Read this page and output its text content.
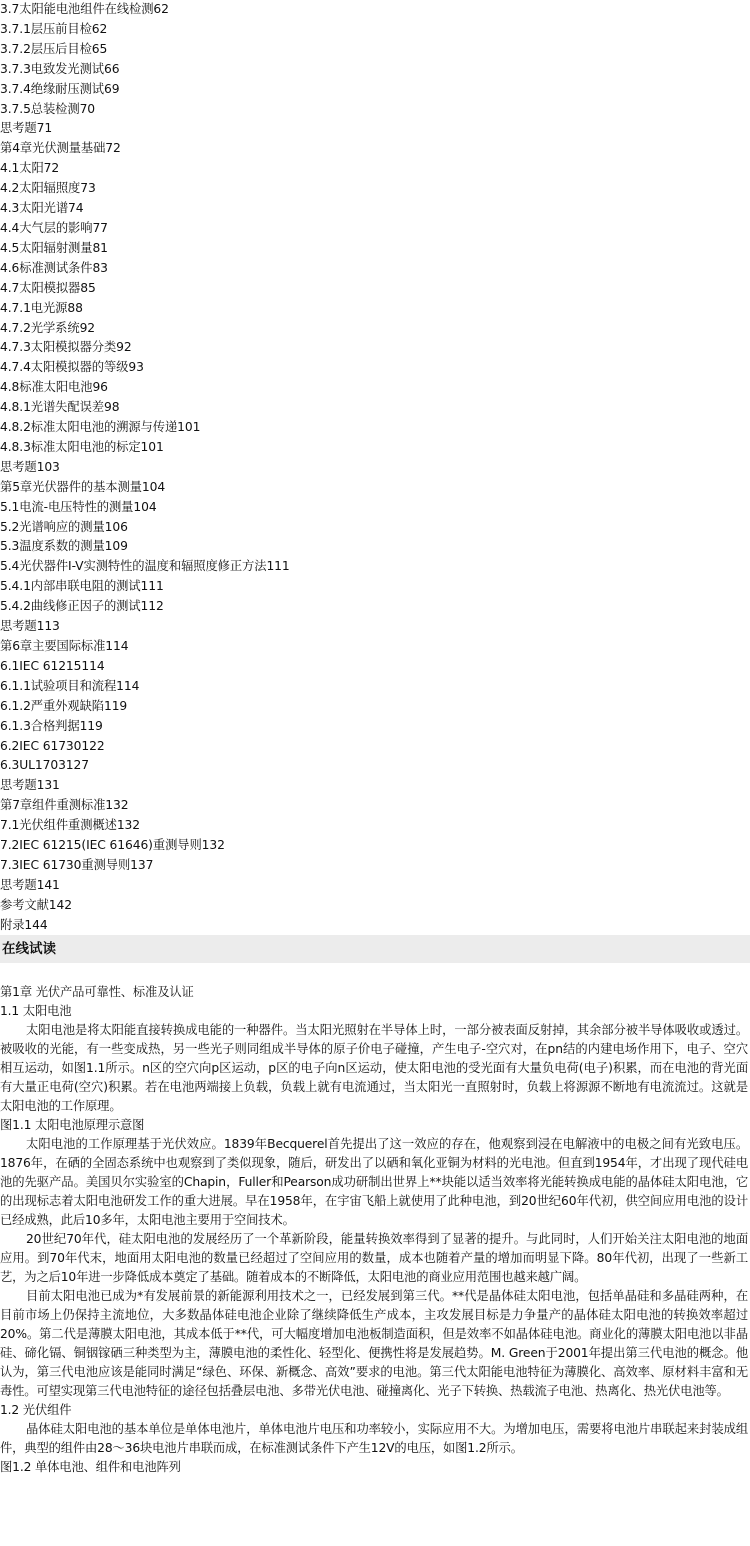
3.7太阳能电池组件在线检测62
3.7.1层压前目检62
3.7.2层压后目检65
3.7.3电致发光测试66
3.7.4绝缘耐压测试69
3.7.5总装检测70
思考题71
第4章光伏测量基础72
4.1太阳72
4.2太阳辐照度73
4.3太阳光谱74
4.4大气层的影响77
4.5太阳辐射测量81
4.6标准测试条件83
4.7太阳模拟器85
4.7.1电光源88
4.7.2光学系统92
4.7.3太阳模拟器分类92
4.7.4太阳模拟器的等级93
4.8标准太阳电池96
4.8.1光谱失配误差98
4.8.2标准太阳电池的溯源与传递101
4.8.3标准太阳电池的标定101
思考题103
第5章光伏器件的基本测量104
5.1电流-电压特性的测量104
5.2光谱响应的测量106
5.3温度系数的测量109
5.4光伏器件I-V实测特性的温度和辐照度修正方法111
5.4.1内部串联电阻的测试111
5.4.2曲线修正因子的测试112
思考题113
第6章主要国际标准114
6.1IEC 61215114
6.1.1试验项目和流程114
6.1.2严重外观缺陷119
6.1.3合格判据119
6.2IEC 61730122
6.3UL1703127
思考题131
第7章组件重测标准132
7.1光伏组件重测概述132
7.2IEC 61215(IEC 61646)重测导则132
7.3IEC 61730重测导则137
思考题141
参考文献142
附录144
在线试读
第1章 光伏产品可靠性、标准及认证
1.1 太阳电池
太阳电池是将太阳能直接转换成电能的一种器件。当太阳光照射在半导体上时，一部分被表面反射掉，其余部分被半导体吸收或透过。被吸收的光能，有一些变成热，另一些光子则同组成半导体的原子价电子碰撞，产生电子-空穴对，在pn结的内建电场作用下，电子、空穴相互运动，如图1.1所示。n区的空穴向p区运动，p区的电子向n区运动，使太阳电池的受光面有大量负电荷(电子)积累，而在电池的背光面有大量正电荷(空穴)积累。若在电池两端接上负载，负载上就有电流通过，当太阳光一直照射时，负载上将源源不断地有电流流过。这就是太阳电池的工作原理。
图1.1 太阳电池原理示意图
太阳电池的工作原理基于光伏效应。1839年Becquerel首先提出了这一效应的存在，他观察到浸在电解液中的电极之间有光致电压。1876年，在硒的全固态系统中也观察到了类似现象，随后，研发出了以硒和氧化亚铜为材料的光电池。但直到1954年，才出现了现代硅电池的先驱产品。美国贝尔实验室的Chapin，Fuller和Pearson成功研制出世界上**块能以适当效率将光能转换成电能的晶体硅太阳电池，它的出现标志着太阳电池研发工作的重大进展。早在1958年，在宇宙飞船上就使用了此种电池，到20世纪60年代初，供空间应用电池的设计已经成熟，此后10多年，太阳电池主要用于空间技术。
20世纪70年代，硅太阳电池的发展经历了一个革新阶段，能量转换效率得到了显著的提升。与此同时，人们开始关注太阳电池的地面应用。到70年代末，地面用太阳电池的数量已经超过了空间应用的数量，成本也随着产量的增加而明显下降。80年代初，出现了一些新工艺，为之后10年进一步降低成本奠定了基础。随着成本的不断降低，太阳电池的商业应用范围也越来越广阔。
目前太阳电池已成为*有发展前景的新能源利用技术之一，已经发展到第三代。**代是晶体硅太阳电池，包括单晶硅和多晶硅两种，在目前市场上仍保持主流地位，大多数晶体硅电池企业除了继续降低生产成本，主攻发展目标是力争量产的晶体硅太阳电池的转换效率超过20%。第二代是薄膜太阳电池，其成本低于**代，可大幅度增加电池板制造面积，但是效率不如晶体硅电池。商业化的薄膜太阳电池以非晶硅、碲化镉、铜铟镓硒三种类型为主，薄膜电池的柔性化、轻型化、便携性将是发展趋势。M. Green于2001年提出第三代电池的概念。他认为，第三代电池应该是能同时满足“绿色、环保、新概念、高效”要求的电池。第三代太阳能电池特征为薄膜化、高效率、原材料丰富和无毒性。可望实现第三代电池特征的途径包括叠层电池、多带光伏电池、碰撞离化、光子下转换、热载流子电池、热离化、热光伏电池等。
1.2 光伏组件
晶体硅太阳电池的基本单位是单体电池片，单体电池片电压和功率较小，实际应用不大。为增加电压，需要将电池片串联起来封装成组件，典型的组件由28～36块电池片串联而成，在标准测试条件下产生12V的电压，如图1.2所示。
图1.2 单体电池、组件和电池阵列
